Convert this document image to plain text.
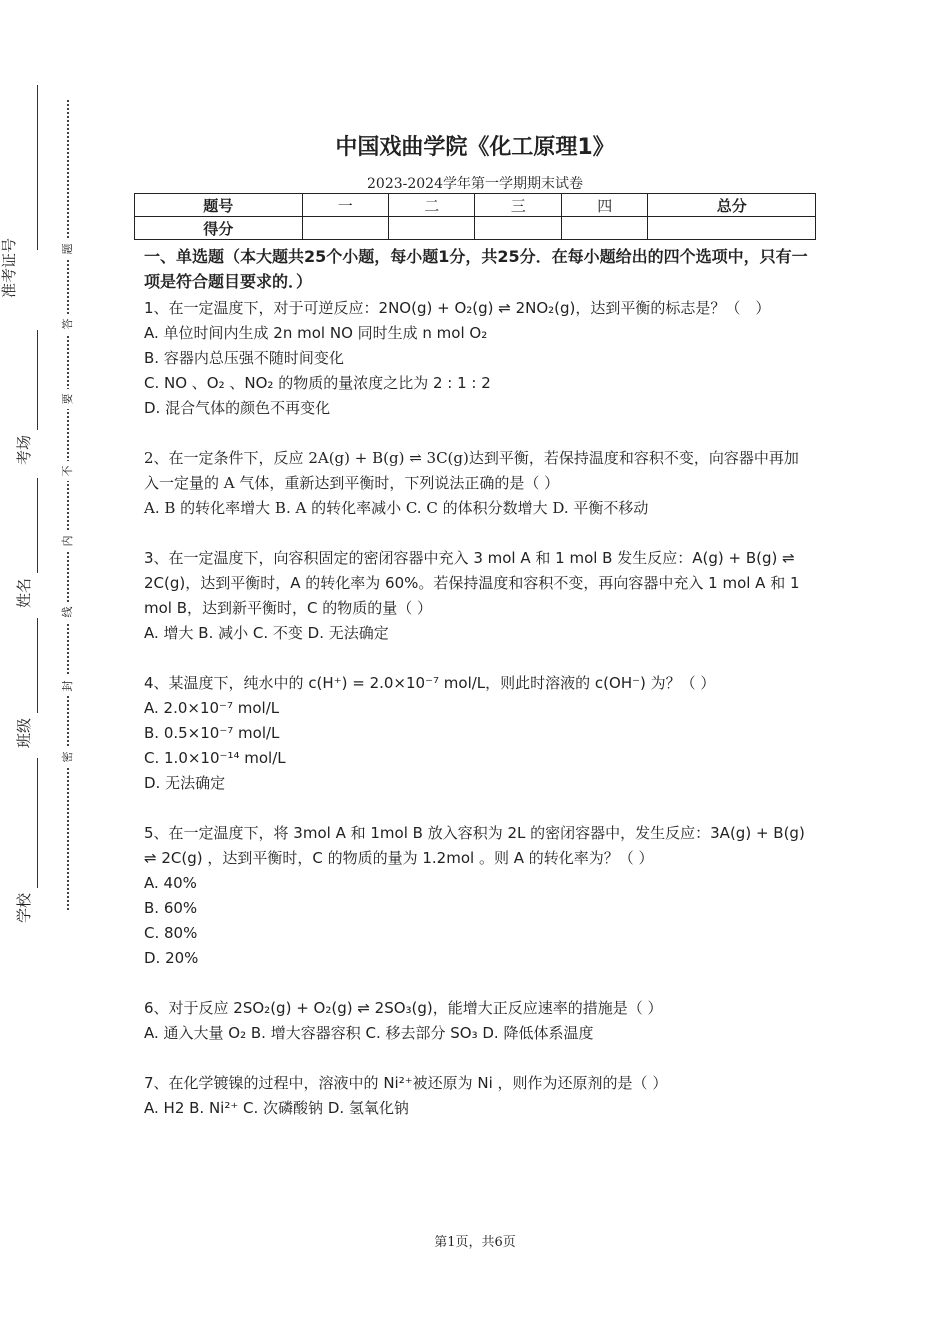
准考证号
考场
姓名
班级
学校
题
答
要
不
内
线
封
密
中国戏曲学院《化工原理1》
2023-2024学年第一学期期末试卷
题号	一	二	三	四	总分
得分					
一、单选题（本大题共25个小题，每小题1分，共25分．在每小题给出的四个选项中，只有一项是符合题目要求的．）

1、在一定温度下，对于可逆反应：2NO(g) + O₂(g) ⇌ 2NO₂(g)，达到平衡的标志是？（　）

A. 单位时间内生成 2n mol NO 同时生成 n mol O₂

B. 容器内总压强不随时间变化

C. NO 、O₂ 、NO₂ 的物质的量浓度之比为 2 : 1 : 2

D. 混合气体的颜色不再变化

2、在一定条件下，反应 2A(g) + B(g) ⇌ 3C(g)达到平衡，若保持温度和容积不变，向容器中再加入一定量的 A 气体，重新达到平衡时，下列说法正确的是（ ）

A. B 的转化率增大 B. A 的转化率减小 C. C 的体积分数增大 D. 平衡不移动

3、在一定温度下，向容积固定的密闭容器中充入 3 mol A 和 1 mol B 发生反应：A(g) + B(g) ⇌ 2C(g)，达到平衡时，A 的转化率为 60%。若保持温度和容积不变，再向容器中充入 1 mol A 和 1 mol B，达到新平衡时，C 的物质的量（ ）

A. 增大 B. 减小 C. 不变 D. 无法确定

4、某温度下，纯水中的 c(H⁺) = 2.0×10⁻⁷ mol/L，则此时溶液的 c(OH⁻) 为？（ ）

A. 2.0×10⁻⁷ mol/L

B. 0.5×10⁻⁷ mol/L

C. 1.0×10⁻¹⁴ mol/L

D. 无法确定

5、在一定温度下，将 3mol A 和 1mol B 放入容积为 2L 的密闭容器中，发生反应：3A(g) + B(g) ⇌ 2C(g) ，达到平衡时，C 的物质的量为 1.2mol 。则 A 的转化率为？（ ）

A. 40%

B. 60%

C. 80%

D. 20%

6、对于反应 2SO₂(g) + O₂(g) ⇌ 2SO₃(g)，能增大正反应速率的措施是（ ）

A. 通入大量 O₂ B. 增大容器容积 C. 移去部分 SO₃ D. 降低体系温度

7、在化学镀镍的过程中，溶液中的 Ni²⁺被还原为 Ni ，则作为还原剂的是（ ）

A. H2 B. Ni²⁺ C. 次磷酸钠 D. 氢氧化钠

第1页，共6页
